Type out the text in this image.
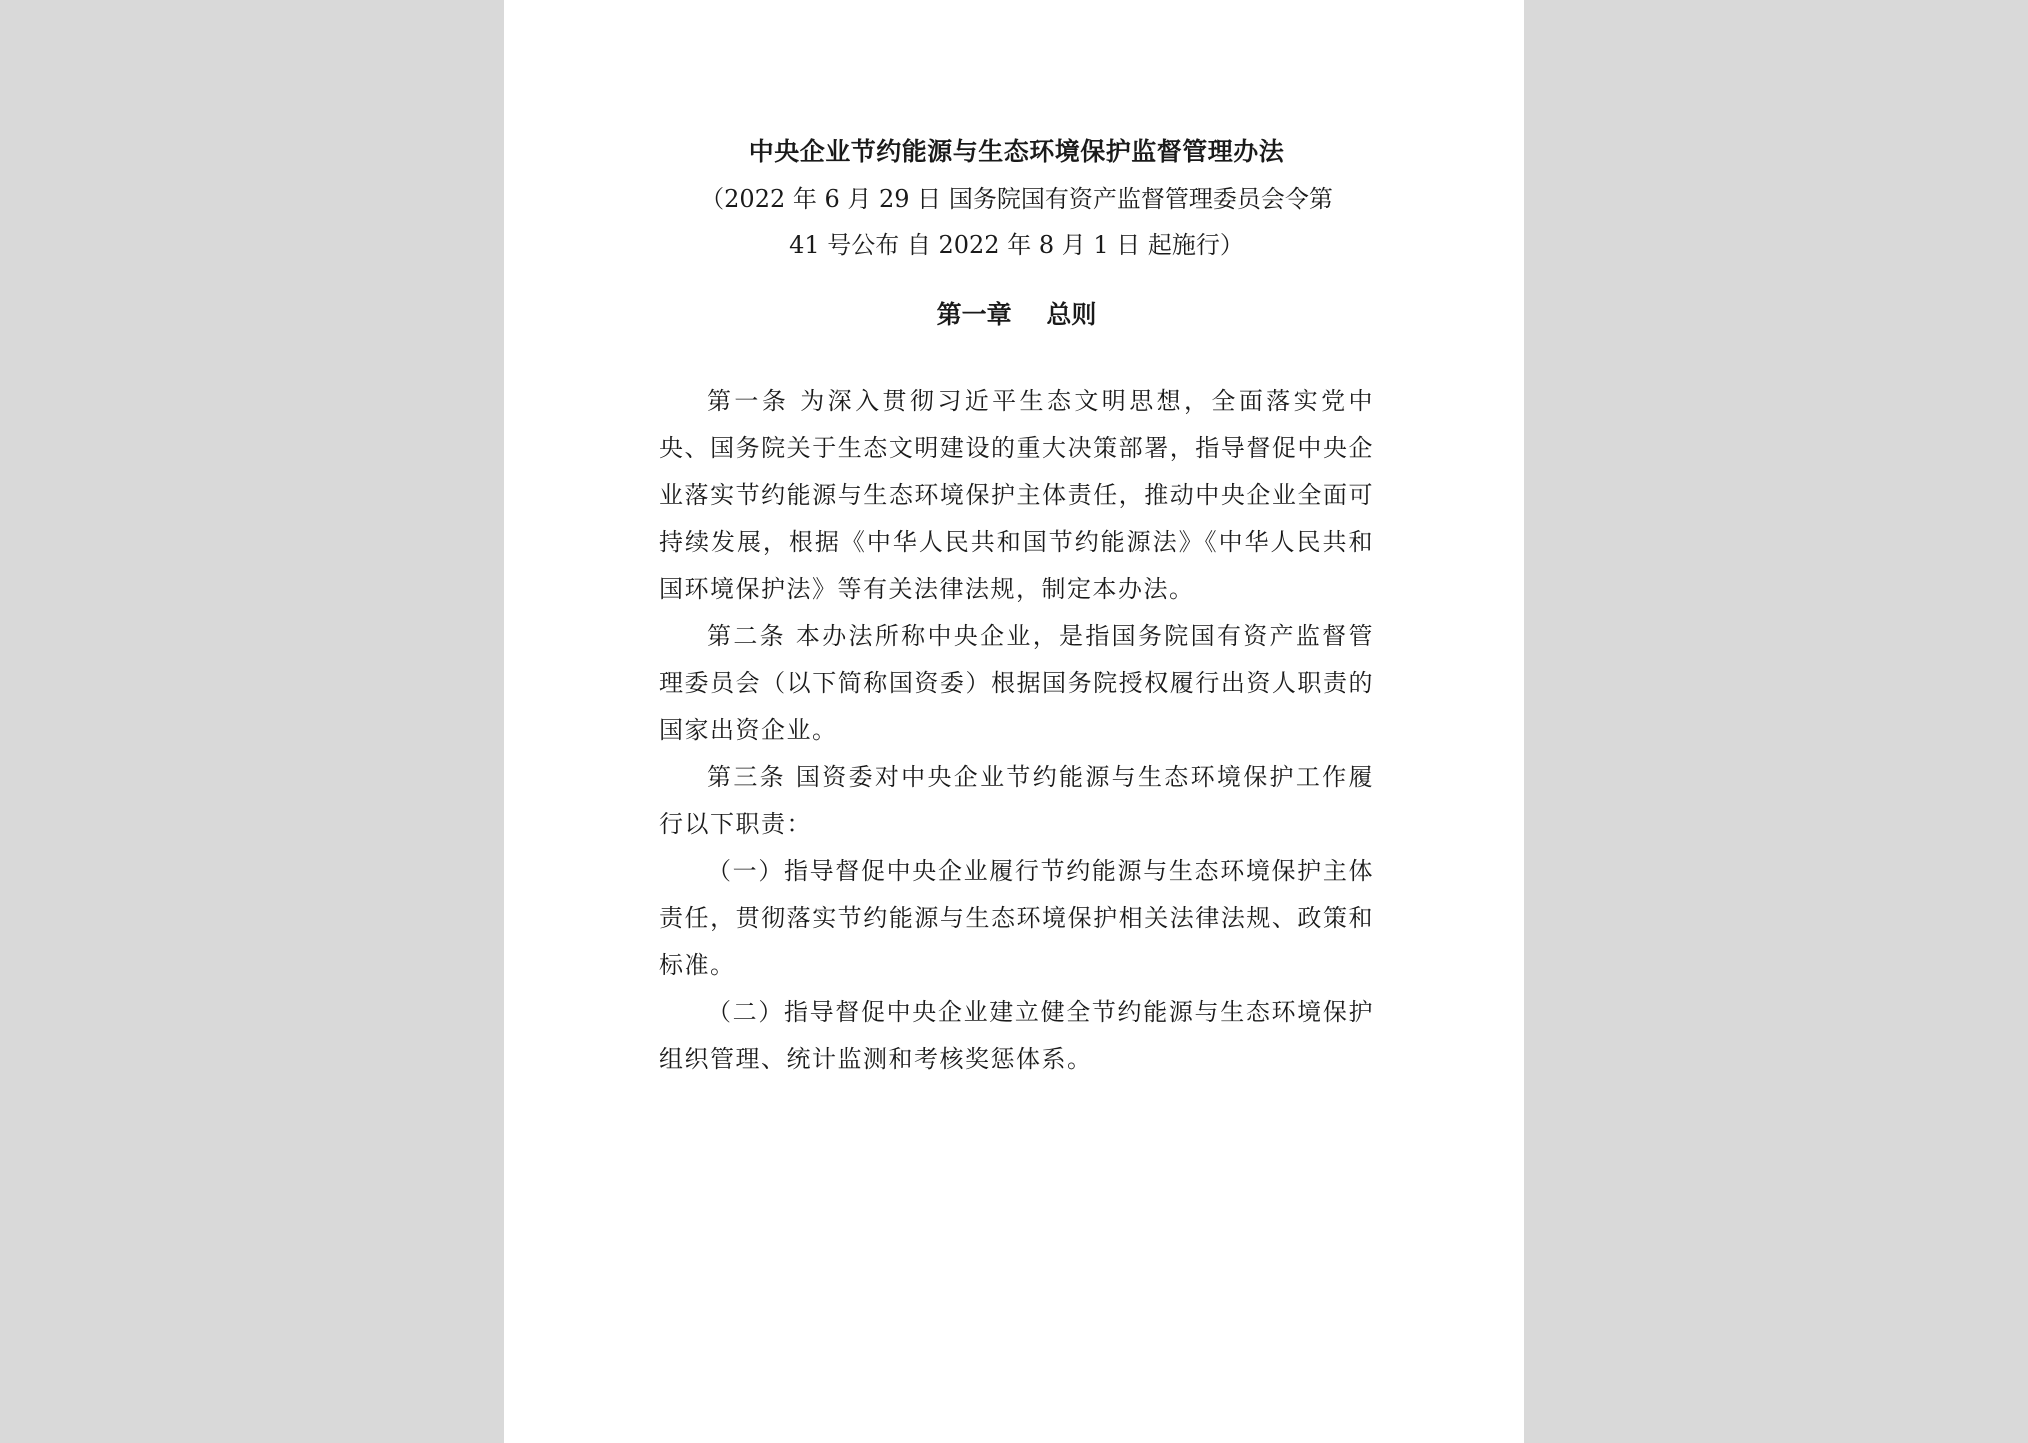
中央企业节约能源与生态环境保护监督管理办法
（2022 年 6 月 29 日 国务院国有资产监督管理委员会令第
41 号公布 自 2022 年 8 月 1 日 起施行）
第一章    总则

第一条 为深入贯彻习近平生态文明思想，全面落实党中央、国务院关于生态文明建设的重大决策部署，指导督促中央企业落实节约能源与生态环境保护主体责任，推动中央企业全面可持续发展，根据《中华人民共和国节约能源法》《中华人民共和国环境保护法》等有关法律法规，制定本办法。

第二条 本办法所称中央企业，是指国务院国有资产监督管理委员会（以下简称国资委）根据国务院授权履行出资人职责的国家出资企业。

第三条 国资委对中央企业节约能源与生态环境保护工作履行以下职责：

（一）指导督促中央企业履行节约能源与生态环境保护主体责任，贯彻落实节约能源与生态环境保护相关法律法规、政策和标准。

（二）指导督促中央企业建立健全节约能源与生态环境保护组织管理、统计监测和考核奖惩体系。
